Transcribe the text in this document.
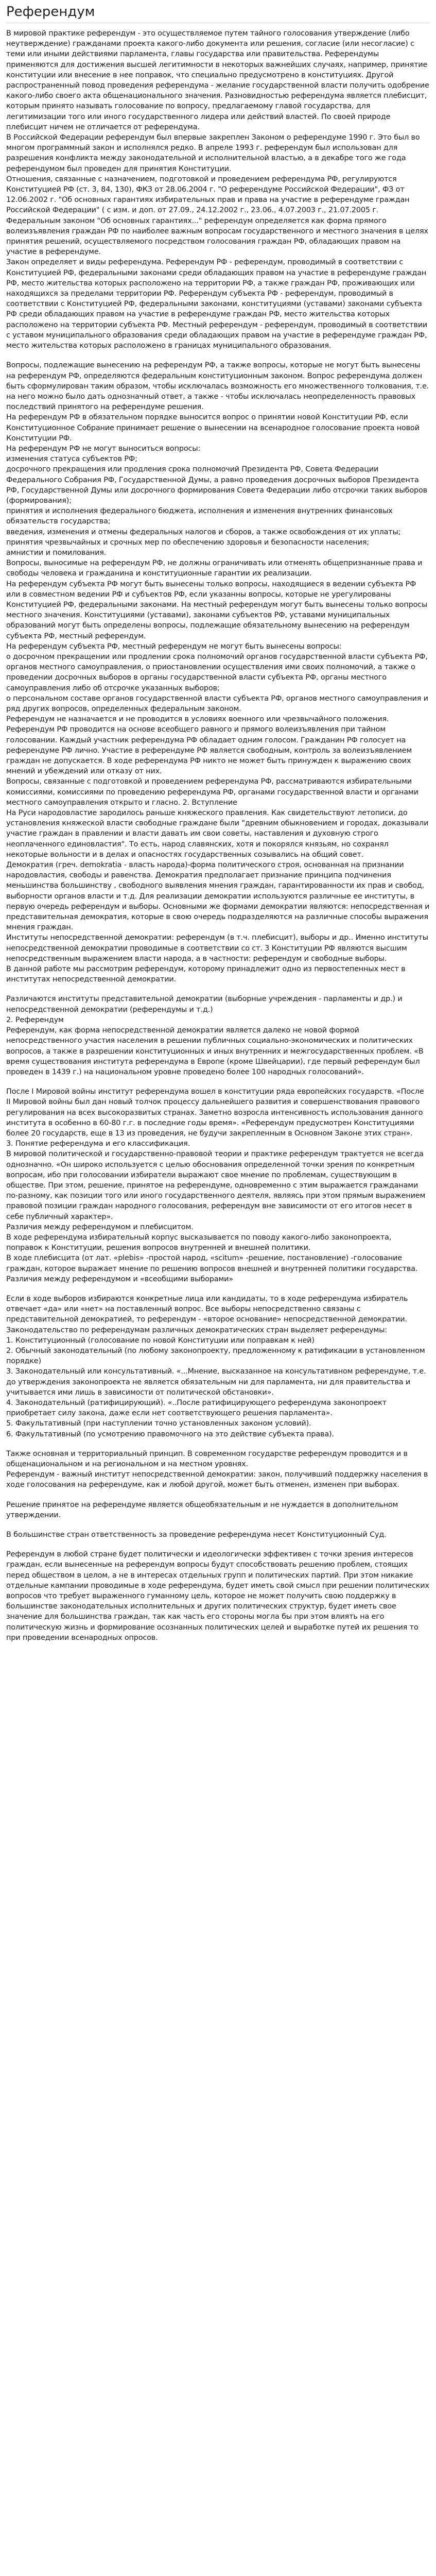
Референдум

В мировой практике референдум - это осуществляемое путем тайного голосования утверждение (либо неутверждение) гражданами проекта какого-либо документа или решения, согласие (или несогласие) с теми или иными действиями парламента, главы государства или правительства. Референдумы применяются для достижения высшей легитимности в некоторых важнейших случаях, например, принятие конституции или внесение в нее поправок, что специально предусмотрено в конституциях. Другой распространенный повод проведения референдума - желание государственной власти получить одобрение какого-либо своего акта общенационального значения. Разновидностью референдума является плебисцит, которым принято называть голосование по вопросу, предлагаемому главой государства, для легитимизации того или иного государственного лидера или действий властей. По своей природе плебисцит ничем не отличается от референдума.
В Российской Федерации референдум был впервые закреплен Законом о референдуме 1990 г. Это был во многом программный закон и исполнялся редко. В апреле 1993 г. референдум был использован для разрешения конфликта между законодательной и исполнительной властью, а в декабре того же года референдумом был проведен для принятия Конституции.
Отношения, связанные с назначением, подготовкой и проведением референдума РФ, регулируются Конституцией РФ (ст. 3, 84, 130), ФКЗ от 28.06.2004 г. "О референдуме Российской Федерации", ФЗ от 12.06.2002 г. "Об основных гарантиях избирательных прав и права на участие в референдуме граждан Российской Федерации" ( с изм. и доп. от 27.09., 24.12.2002 г., 23.06., 4.07.2003 г., 21.07.2005 г.
Федеральным законом "Об основных гарантиях..." референдум определяется как форма прямого волеизъявления граждан РФ по наиболее важным вопросам государственного и местного значения в целях принятия решений, осуществляемого посредством голосования граждан РФ, обладающих правом на участие в референдуме.
Закон определяет и виды референдума. Референдум РФ - референдум, проводимый в соответствии с Конституцией РФ, федеральными законами среди обладающих правом на участие в референдуме граждан РФ, место жительства которых расположено на территории РФ, а также граждан РФ, проживающих или находящихся за пределами территории РФ. Референдум субъекта РФ - референдум, проводимый в соответствии с Конституцией РФ, федеральными законами, конституциями (уставами) законами субъекта РФ среди обладающих правом на участие в референдуме граждан РФ, место жительства которых расположено на территории субъекта РФ. Местный референдум - референдум, проводимый в соответствии с уставом муниципального образования среди обладающих правом на участие в референдуме граждан РФ, место жительства которых расположено в границах муниципального образования.

Вопросы, подлежащие вынесению на референдум РФ, а также вопросы, которые не могут быть вынесены на референдум РФ, определяются федеральным конституционным законом. Вопрос референдума должен быть сформулирован таким образом, чтобы исключалась возможность его множественного толкования, т.е. на него можно было дать однозначный ответ, а также - чтобы исключалась неопределенность правовых последствий принятого на референдуме решения.
На референдум РФ в обязательном порядке выносится вопрос о принятии новой Конституции РФ, если Конституционное Собрание принимает решение о вынесении на всенародное голосование проекта новой Конституции РФ.
На референдум РФ не могут выноситься вопросы:
изменения статуса субъектов РФ;
досрочного прекращения или продления срока полномочий Президента РФ, Совета Федерации Федерального Собрания РФ, Государственной Думы, а равно проведения досрочных выборов Президента РФ, Государственной Думы или досрочного формирования Совета Федерации либо отсрочки таких выборов (формирования);
принятия и исполнения федерального бюджета, исполнения и изменения внутренних финансовых обязательств государства;
введения, изменения и отмены федеральных налогов и сборов, а также освобождения от их уплаты;
принятия чрезвычайных и срочных мер по обеспечению здоровья и безопасности населения;
амнистии и помилования.
Вопросы, выносимые на референдум РФ, не должны ограничивать или отменять общепризнанные права и свободы человека и гражданина и конституционные гарантии их реализации.
На референдум субъекта РФ могут быть вынесены только вопросы, находящиеся в ведении субъекта РФ или в совместном ведении РФ и субъектов РФ, если указанны вопросы, которые не урегулированы Конституцией РФ, федеральными законами. На местный референдум могут быть вынесены только вопросы местного значения. Конституциями (уставами), законами субъектов РФ, уставами муниципальных образований могут быть определены вопросы, подлежащие обязательному вынесению на референдум субъекта РФ, местный референдум.
На референдум субъекта РФ, местный референдум не могут быть вынесены вопросы:
о досрочном прекращении или продлении срока полномочий органов государственной власти субъекта РФ, органов местного самоуправления, о приостановлении осуществления ими своих полномочий, а также о проведении досрочных выборов в органы государственной власти субъекта РФ, органы местного самоуправления либо об отсрочке указанных выборов;
о персональном составе органов государственной власти субъекта РФ, органов местного самоуправления и ряд других вопросов, определенных федеральным законом.
Референдум не назначается и не проводится в условиях военного или чрезвычайного положения.
Референдум РФ проводится на основе всеобщего равного и прямого волеизъявления при тайном голосовании. Каждый участник референдума РФ обладает одним голосом. Гражданин РФ голосует на референдуме РФ лично. Участие в референдуме РФ является свободным, контроль за волеизъявлением граждан не допускается. В ходе референдума РФ никто не может быть принужден к выражению своих мнений и убеждений или отказу от них.
Вопросы, связанные с подготовкой и проведением референдума РФ, рассматриваются избирательными комиссиями, комиссиями по проведению референдума РФ, органами государственной власти и органами местного самоуправления открыто и гласно. 2. Вступление
На Руси народовластие зародилось раньше княжеского правления. Как свидетельствуют летописи, до установления княжеской власти свободные граждане были "древним обыкновением и городах, доказывали участие граждан в правлении и власти давать им свои советы, наставления и духовную строго неоплаченного единовластия". То есть, народ славянских, хотя и покорялся князьям, но сохранял некоторые вольности и в делах и опасностях государственных созывались на общий совет.
Демократия (греч. demokratia - власть народа)-форма политического строя, основанная на признании народовластия, свободы и равенства. Демократия предполагает признание принципа подчинения меньшинства большинству , свободного выявления мнения граждан, гарантированности их прав и свобод, выборности органов власти и т.д. Для реализации демократии используются различные ее институты, в первую очередь референдум и выборы. Основными же формами демократии являются: непосредственная и представительная демократия, которые в свою очередь подразделяются на различные способы выражения мнения граждан.
Институты непосредственной демократии: референдум (в т.ч. плебисцит), выборы и др.. Именно институты непосредственной демократии проводимые в соответствии со ст. 3 Конституции РФ являются высшим непосредственным выражением власти народа, а в частности: референдум и свободные выборы.
В данной работе мы рассмотрим референдум, которому принадлежит одно из первостепенных мест в институтах непосредственной демократии.

Различаются институты представительной демократии (выборные учреждения - парламенты и др.) и непосредственной демократии (референдумы и т.д.)
2. Референдум
Референдум, как форма непосредственной демократии является далеко не новой формой непосредственного участия населения в решении публичных социально-экономических и политических вопросов, а также в разрешении конституционных и иных внутренних и межгосударственных проблем. «В время существования института референдума в Европе (кроме Швейцарии), где первый референдум был проведен в 1439 г.) на национальном уровне проведено более 100 народных голосований».

После I Мировой войны институт референдума вошел в конституции ряда европейских государств. «После II Мировой войны был дан новый толчок процессу дальнейшего развития и совершенствования правового регулирования на всех высокоразвитых странах. Заметно возросла интенсивность использования данного института в особенно в 60-80 г.г. в последние годы время». «Референдум предусмотрен Конституциями более 20 государств, еще в 13 из проведения, не будучи закрепленным в Основном Законе этих стран».
3. Понятие референдума и его классификация.
В мировой политической и государственно-правовой теории и практике референдум трактуется не всегда однозначно. «Он широко используется с целью обоснования определенной точки зрения по конкретным вопросам, ибо при голосовании избиратели выражают свое мнение по проблемам, существующим в обществе. При этом, решение, принятое на референдуме, одновременно с этим выражается гражданами по-разному, как позиции того или иного государственного деятеля, являясь при этом прямым выражением правовой позиции граждан народного голосования, референдум вне зависимости от его итогов несет в себе публичный характер».
Различия между референдумом и плебисцитом.
В ходе референдума избирательный корпус высказывается по поводу какого-либо законопроекта, поправок к Конституции, решения вопросов внутренней и внешней политики.
В ходе плебисцита (от лат. «plebis» -простой народ, «scitum» -решение, постановление) -голосование граждан, которое выражает мнение по решению вопросов внешней и внутренней политики государства.
Различия между референдумом и «всеобщими выборами»

Если в ходе выборов избираются конкретные лица или кандидаты, то в ходе референдума избиратель отвечает «да» или «нет» на поставленный вопрос. Все выборы непосредственно связаны с представительной демократией, то референдум - «второе основание» непосредственной демократии.
Законодательство по референдумам различных демократических стран выделяет референдумы:
1. Конституционный (голосование по новой Конституции или поправкам к ней)
2. Обычный законодательный (по любому законопроекту, предложенному к ратификации в установленном порядке)
3. Законодательный или консультативный. «...Мнение, высказанное на консультативном референдуме, т.е. до утверждения законопроекта не является обязательным ни для парламента, ни для правительства и учитывается ими лишь в зависимости от политической обстановки».
4. Законодательный (ратифицирующий). «..После ратифицирующего референдума законопроект приобретает силу закона, даже если нет соответствующего решения парламента».
5. Факультативный (при наступлении точно установленных законом условий).
6. Факультативный (по усмотрению правомочного на это действие субъекта права).

Также основная и территориальный принцип. В современном государстве референдум проводится и в общенациональном и на региональном и на местном уровнях.
Референдум - важный институт непосредственной демократии: закон, получивший поддержку населения в ходе голосования на референдуме, как и любой другой, может быть отменен, изменен при выборах.

Решение принятое на референдуме является общеобязательным и не нуждается в дополнительном утверждении.

В большинстве стран ответственность за проведение референдума несет Конституционный Суд.

Референдум в любой стране будет политически и идеологически эффективен с точки зрения интересов граждан, если вынесенные на референдум вопросы будут способствовать решению проблем, стоящих перед обществом в целом, а не в интересах отдельных групп и политических партий. При этом никакие отдельные кампании проводимые в ходе референдума, будет иметь свой смысл при решении политических вопросов что требует выраженного гуманному цель, которое не может получить свою поддержку в большинстве законодательных исполнительных и других политических структур, будет иметь свое значение для большинства граждан, так как часть его стороны могла бы при этом влиять на его политическую жизнь и формирование осознанных политических целей и выработке путей их решения то при проведении всенародных опросов.
